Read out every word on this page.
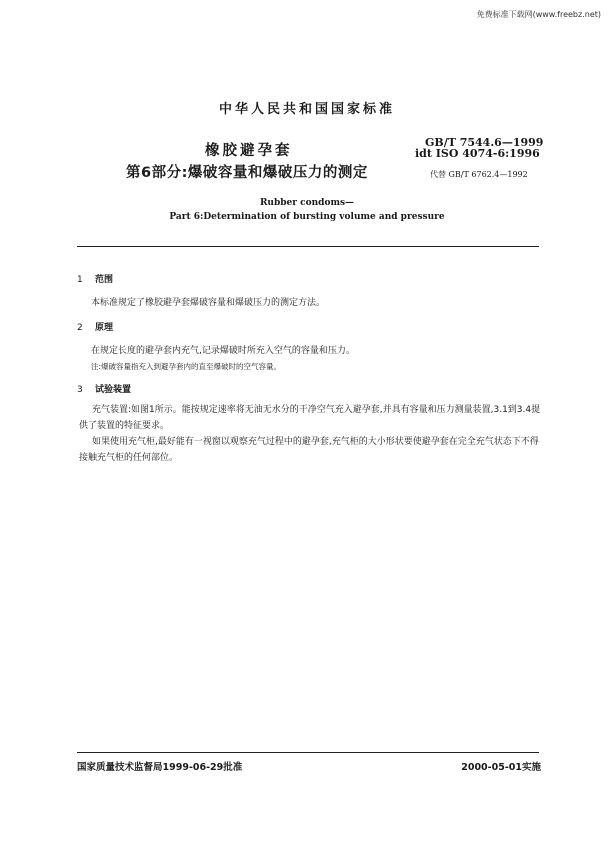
免费标准下载网(www.freebz.net)
中华人民共和国国家标准
橡胶避孕套
第6部分:爆破容量和爆破压力的测定
GB/T 7544.6—1999
idt ISO 4074-6:1996
代替 GB/T 6762.4—1992
Rubber condoms—
Part 6:Determination of bursting volume and pressure
1 范围
本标准规定了橡胶避孕套爆破容量和爆破压力的测定方法。
2 原理
在规定长度的避孕套内充气,记录爆破时所充入空气的容量和压力。
注:爆破容量指充入到避孕套内的直至爆破时的空气容量。
3 试验装置
充气装置:如图1所示。能按规定速率将无油无水分的干净空气充入避孕套,并具有容量和压力测量装置,3.1到3.4提供了装置的特征要求。
如果使用充气柜,最好能有一视窗以观察充气过程中的避孕套,充气柜的大小形状要使避孕套在完全充气状态下不得接触充气柜的任何部位。
国家质量技术监督局1999-06-29批准	2000-05-01实施
